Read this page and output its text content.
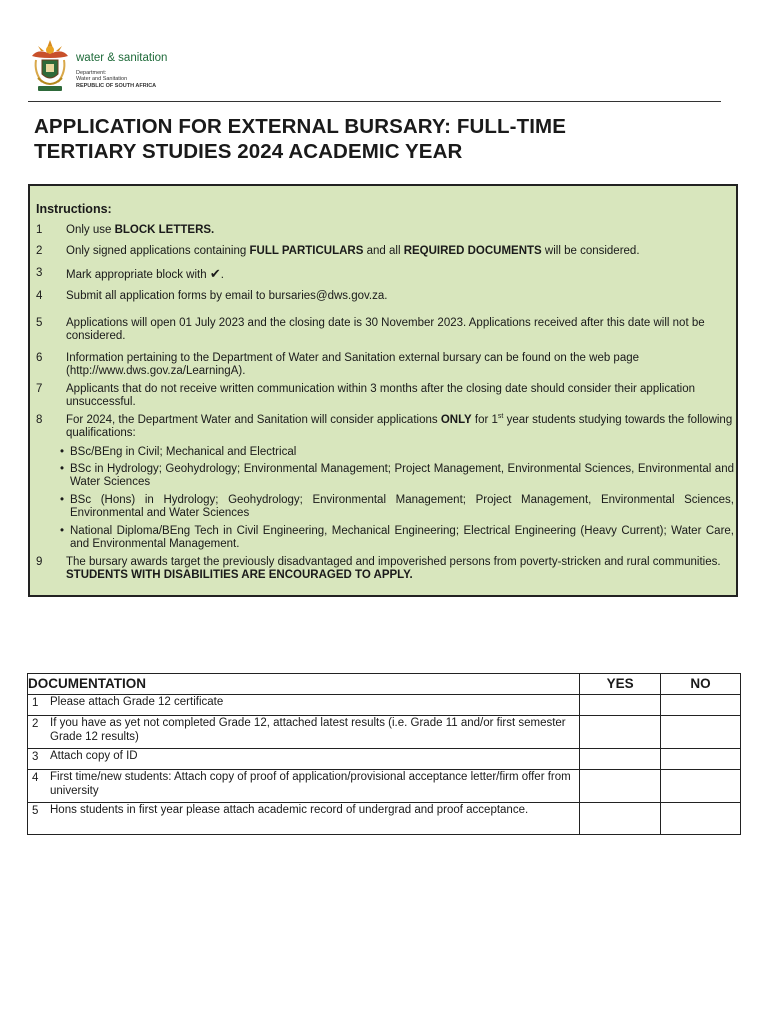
water & sanitation
Department:
Water and Sanitation
REPUBLIC OF SOUTH AFRICA
APPLICATION FOR EXTERNAL BURSARY: FULL-TIME
TERTIARY STUDIES 2024 ACADEMIC YEAR
Instructions:
1	Only use BLOCK LETTERS.
2	Only signed applications containing FULL PARTICULARS and all REQUIRED DOCUMENTS will be considered.
3	Mark appropriate block with ✔.
4	Submit all application forms by email to bursaries@dws.gov.za.
5	Applications will open 01 July 2023 and the closing date is 30 November 2023. Applications received after this date will not be considered.
6	Information pertaining to the Department of Water and Sanitation external bursary can be found on the web page (http://www.dws.gov.za/LearningA).
7	Applicants that do not receive written communication within 3 months after the closing date should consider their application unsuccessful.
8	For 2024, the Department Water and Sanitation will consider applications ONLY for 1st year students studying towards the following qualifications:
• BSc/BEng in Civil; Mechanical and Electrical
• BSc in Hydrology; Geohydrology; Environmental Management; Project Management, Environmental Sciences, Environmental and Water Sciences
• BSc (Hons) in Hydrology; Geohydrology; Environmental Management; Project Management, Environmental Sciences, Environmental and Water Sciences
• National Diploma/BEng Tech in Civil Engineering, Mechanical Engineering; Electrical Engineering (Heavy Current); Water Care, and Environmental Management.
9	The bursary awards target the previously disadvantaged and impoverished persons from poverty-stricken and rural communities. STUDENTS WITH DISABILITIES ARE ENCOURAGED TO APPLY.
DOCUMENTATION	YES	NO

1 Please attach Grade 12 certificate		

2 If you have as yet not completed Grade 12, attached latest results (i.e. Grade 11 and/or first semester Grade 12 results)		

3 Attach copy of ID		

4 First time/new students: Attach copy of proof of application/provisional acceptance letter/firm offer from university		

5 Hons students in first year please attach academic record of undergrad and proof acceptance.		
